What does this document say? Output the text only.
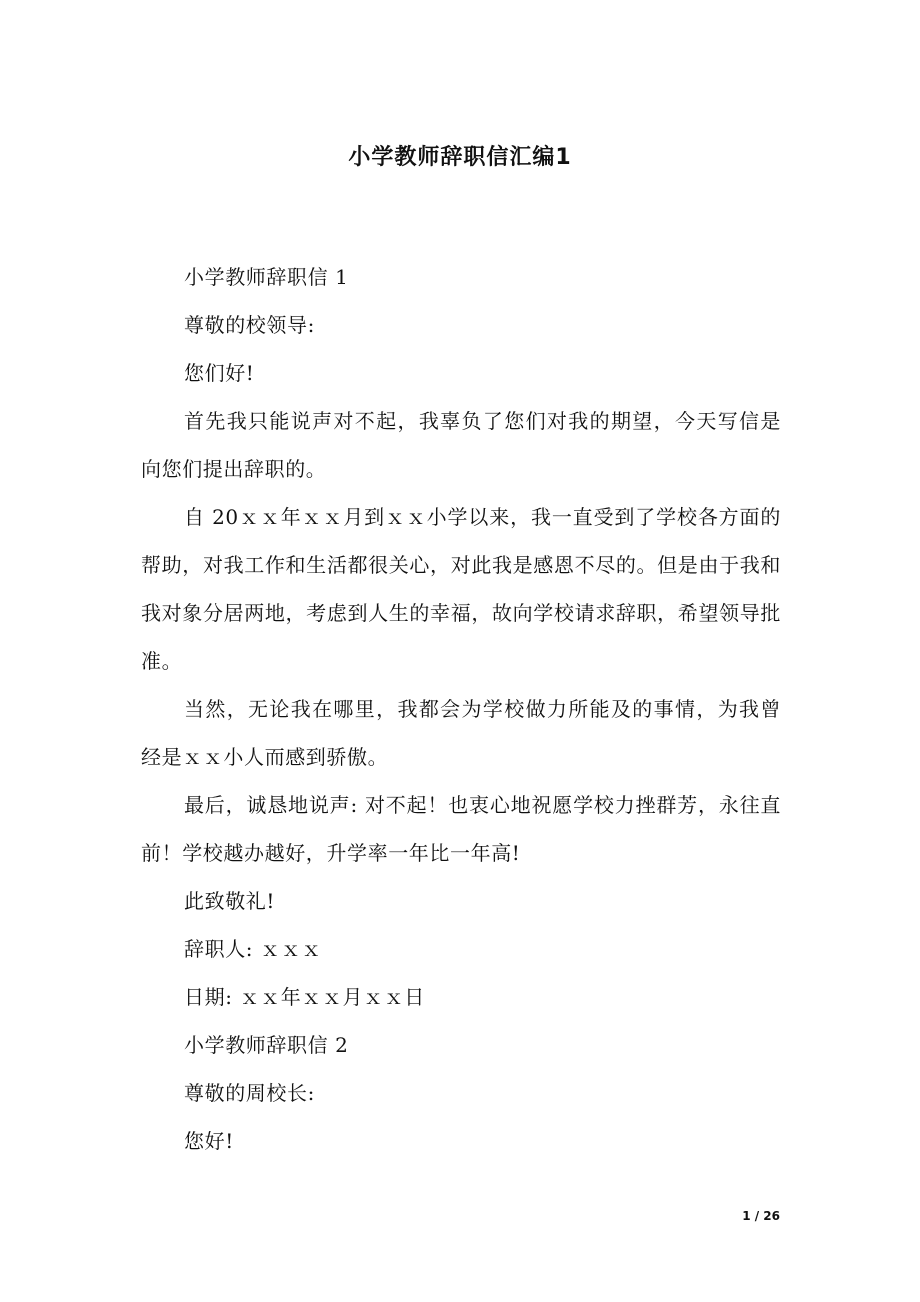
小学教师辞职信汇编1

小学教师辞职信 1

尊敬的校领导:

您们好!

首先我只能说声对不起，我辜负了您们对我的期望，今天写信是向您们提出辞职的。

自 20ｘｘ年ｘｘ月到ｘｘ小学以来，我一直受到了学校各方面的帮助，对我工作和生活都很关心，对此我是感恩不尽的。但是由于我和我对象分居两地，考虑到人生的幸福，故向学校请求辞职，希望领导批准。

当然，无论我在哪里，我都会为学校做力所能及的事情，为我曾经是ｘｘ小人而感到骄傲。

最后，诚恳地说声: 对不起！也衷心地祝愿学校力挫群芳，永往直前！学校越办越好，升学率一年比一年高!

此致敬礼!

辞职人: ｘｘｘ

日期: ｘｘ年ｘｘ月ｘｘ日

小学教师辞职信 2

尊敬的周校长:

您好!

1 / 26
